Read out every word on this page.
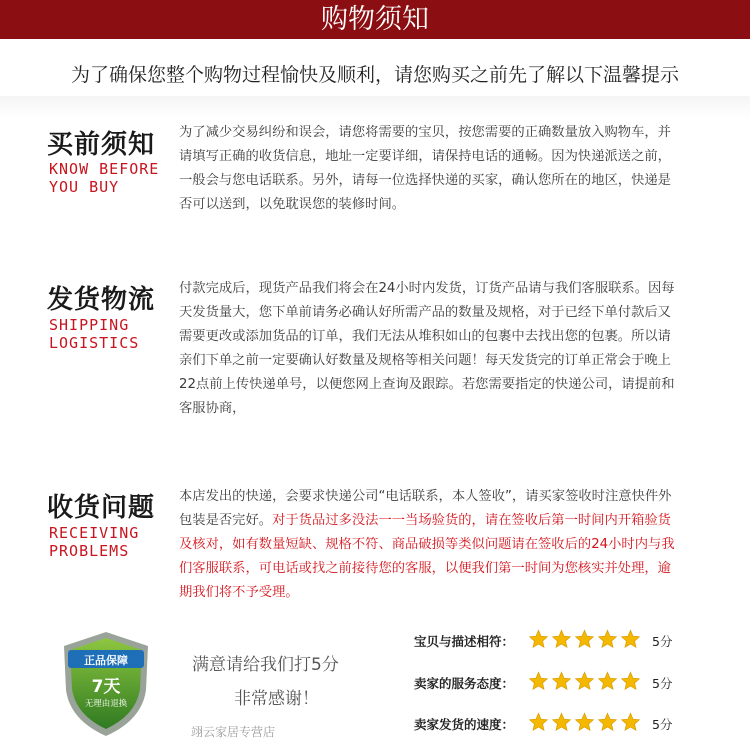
购物须知
为了确保您整个购物过程愉快及顺利，请您购买之前先了解以下温馨提示
买前须知
KNOW BEFORE
YOU BUY
为了减少交易纠纷和误会，请您将需要的宝贝，按您需要的正确数量放入购物车，并请填写正确的收货信息，地址一定要详细，请保持电话的通畅。因为快递派送之前，一般会与您电话联系。另外，请每一位选择快递的买家，确认您所在的地区，快递是否可以送到，以免耽误您的装修时间。
发货物流
SHIPPING
LOGISTICS
付款完成后，现货产品我们将会在24小时内发货，订货产品请与我们客服联系。因每天发货量大，您下单前请务必确认好所需产品的数量及规格，对于已经下单付款后又需要更改或添加货品的订单，我们无法从堆积如山的包裹中去找出您的包裹。所以请亲们下单之前一定要确认好数量及规格等相关问题！每天发货完的订单正常会于晚上22点前上传快递单号，以便您网上查询及跟踪。若您需要指定的快递公司，请提前和客服协商，
收货问题
RECEIVING
PROBLEMS
本店发出的快递，会要求快递公司“电话联系，本人签收”，请买家签收时注意快件外包装是否完好。对于货品过多没法一一当场验货的，请在签收后第一时间内开箱验货及核对，如有数量短缺、规格不符、商品破损等类似问题请在签收后的24小时内与我们客服联系，可电话或找之前接待您的客服，以便我们第一时间为您核实并处理，逾期我们将不予受理。
正品保障
7天
无理由退换
满意请给我们打5分
非常感谢！
翊云家居专营店
宝贝与描述相符：	5分
卖家的服务态度：	5分
卖家发货的速度：	5分
